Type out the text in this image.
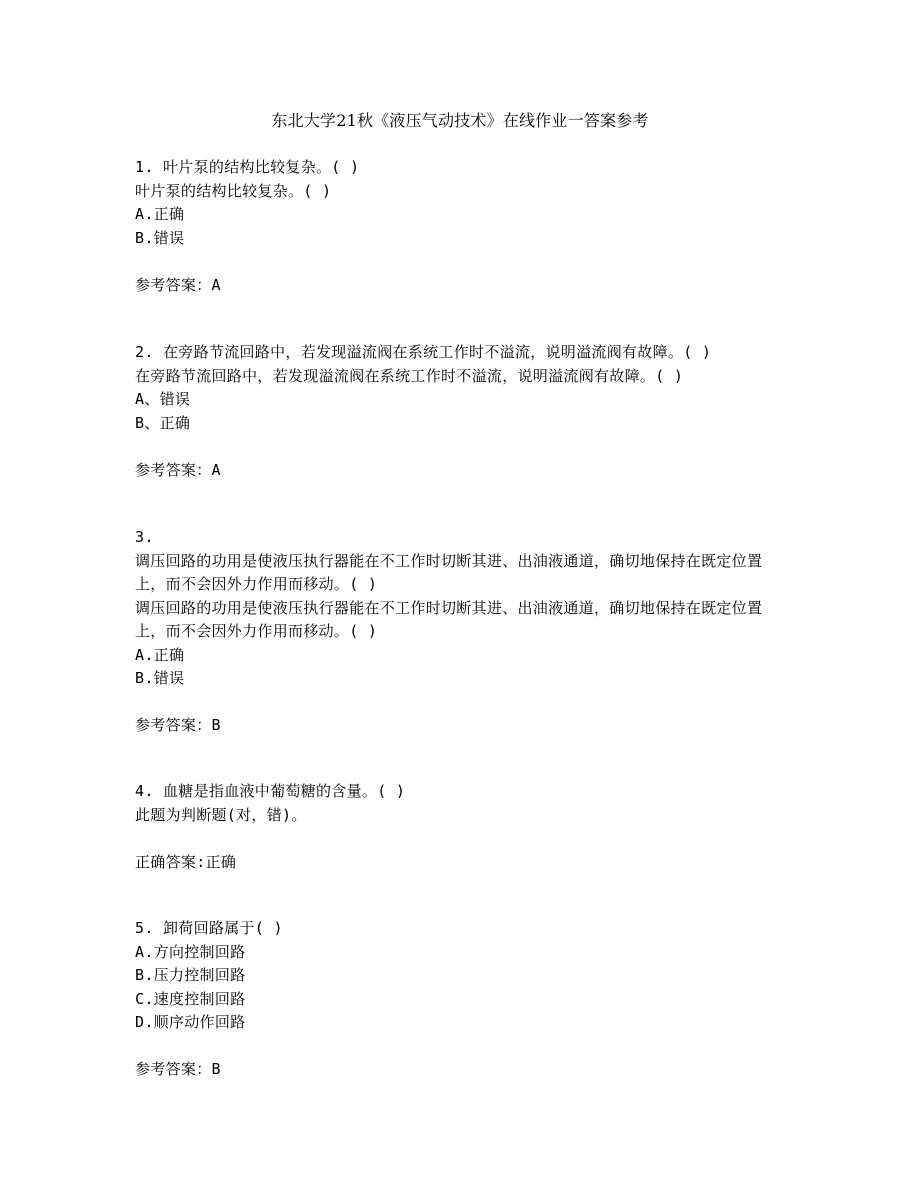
东北大学21秋《液压气动技术》在线作业一答案参考
1. 叶片泵的结构比较复杂。( )
叶片泵的结构比较复杂。( )
A.正确
B.错误
参考答案：A
2. 在旁路节流回路中，若发现溢流阀在系统工作时不溢流，说明溢流阀有故障。( )
在旁路节流回路中，若发现溢流阀在系统工作时不溢流，说明溢流阀有故障。( )
A、错误
B、正确
参考答案：A
3.
调压回路的功用是使液压执行器能在不工作时切断其进、出油液通道，确切地保持在既定位置上，而不会因外力作用而移动。( )
调压回路的功用是使液压执行器能在不工作时切断其进、出油液通道，确切地保持在既定位置上，而不会因外力作用而移动。( )
A.正确
B.错误
参考答案：B
4. 血糖是指血液中葡萄糖的含量。( )
此题为判断题(对，错)。
正确答案:正确
5. 卸荷回路属于( )
A.方向控制回路
B.压力控制回路
C.速度控制回路
D.顺序动作回路
参考答案：B
